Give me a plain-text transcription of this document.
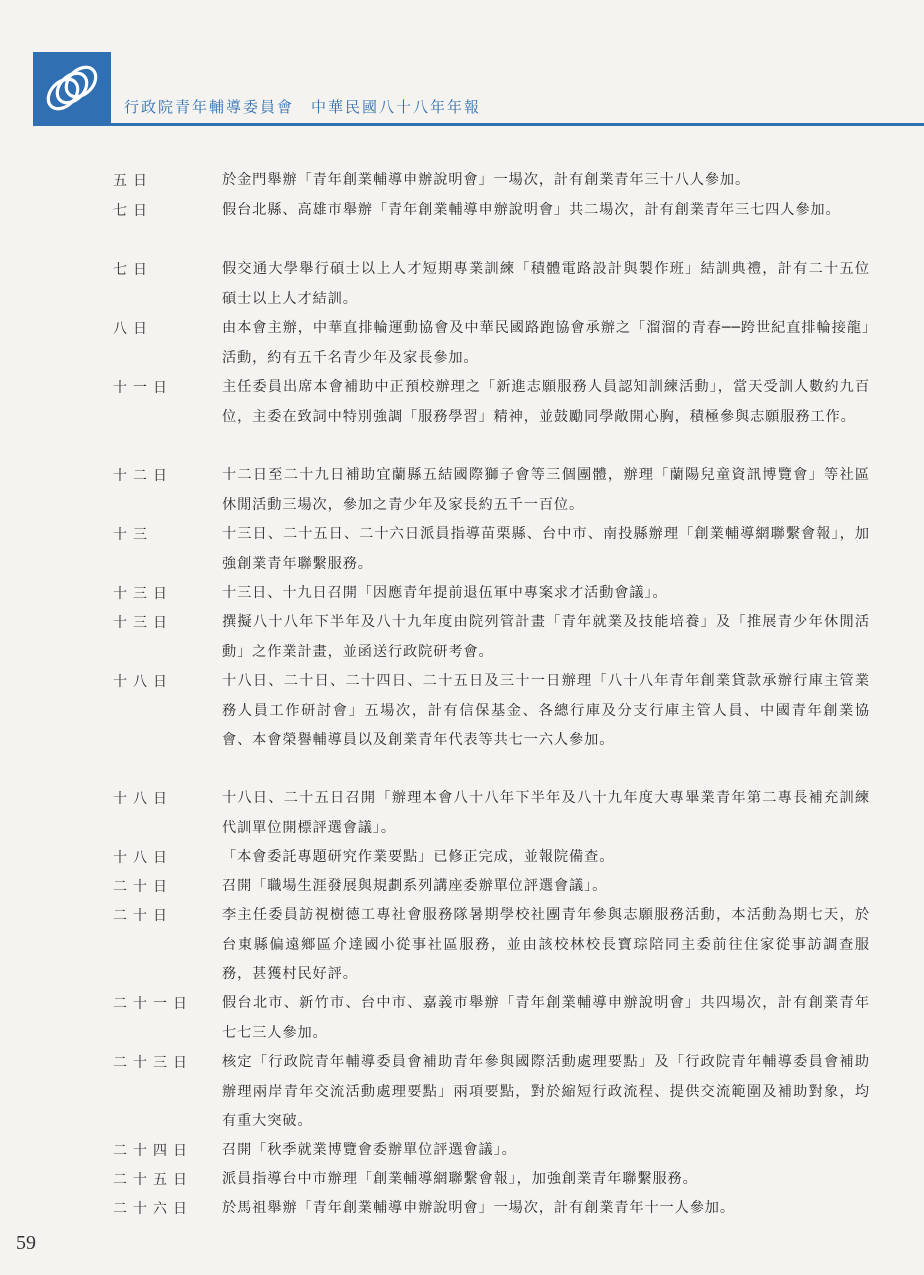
行政院青年輔導委員會　中華民國八十八年年報
五日	於金門舉辦「青年創業輔導申辦說明會」一場次，計有創業青年三十八人參加。
七日	假台北縣、高雄市舉辦「青年創業輔導申辦說明會」共二場次，計有創業青年三七四人參加。
七日	假交通大學舉行碩士以上人才短期專業訓練「積體電路設計與製作班」結訓典禮，計有二十五位碩士以上人才結訓。
八日	由本會主辦，中華直排輪運動協會及中華民國路跑協會承辦之「溜溜的青春──跨世紀直排輪接龍」活動，約有五千名青少年及家長參加。
十一日	主任委員出席本會補助中正預校辦理之「新進志願服務人員認知訓練活動」，當天受訓人數約九百位，主委在致詞中特別強調「服務學習」精神，並鼓勵同學敞開心胸，積極參與志願服務工作。
十二日	十二日至二十九日補助宜蘭縣五結國際獅子會等三個團體，辦理「蘭陽兒童資訊博覽會」等社區休閒活動三場次，參加之青少年及家長約五千一百位。
十三	十三日、二十五日、二十六日派員指導苗栗縣、台中市、南投縣辦理「創業輔導網聯繫會報」，加強創業青年聯繫服務。
十三日	十三日、十九日召開「因應青年提前退伍軍中專案求才活動會議」。
十三日	撰擬八十八年下半年及八十九年度由院列管計畫「青年就業及技能培養」及「推展青少年休閒活動」之作業計畫，並函送行政院研考會。
十八日	十八日、二十日、二十四日、二十五日及三十一日辦理「八十八年青年創業貸款承辦行庫主管業務人員工作研討會」五場次，計有信保基金、各總行庫及分支行庫主管人員、中國青年創業協會、本會榮譽輔導員以及創業青年代表等共七一六人參加。
十八日	十八日、二十五日召開「辦理本會八十八年下半年及八十九年度大專畢業青年第二專長補充訓練代訓單位開標評選會議」。
十八日	「本會委託專題研究作業要點」已修正完成，並報院備查。
二十日	召開「職場生涯發展與規劃系列講座委辦單位評選會議」。
二十日	李主任委員訪視樹德工專社會服務隊暑期學校社團青年參與志願服務活動，本活動為期七天，於台東縣偏遠鄉區介達國小從事社區服務，並由該校林校長寶琮陪同主委前往住家從事訪調查服務，甚獲村民好評。
二十一日	假台北市、新竹市、台中市、嘉義市舉辦「青年創業輔導申辦說明會」共四場次，計有創業青年七七三人參加。
二十三日	核定「行政院青年輔導委員會補助青年參與國際活動處理要點」及「行政院青年輔導委員會補助辦理兩岸青年交流活動處理要點」兩項要點，對於縮短行政流程、提供交流範圍及補助對象，均有重大突破。
二十四日	召開「秋季就業博覽會委辦單位評選會議」。
二十五日	派員指導台中市辦理「創業輔導網聯繫會報」，加強創業青年聯繫服務。
二十六日	於馬祖舉辦「青年創業輔導申辦說明會」一場次，計有創業青年十一人參加。
59
